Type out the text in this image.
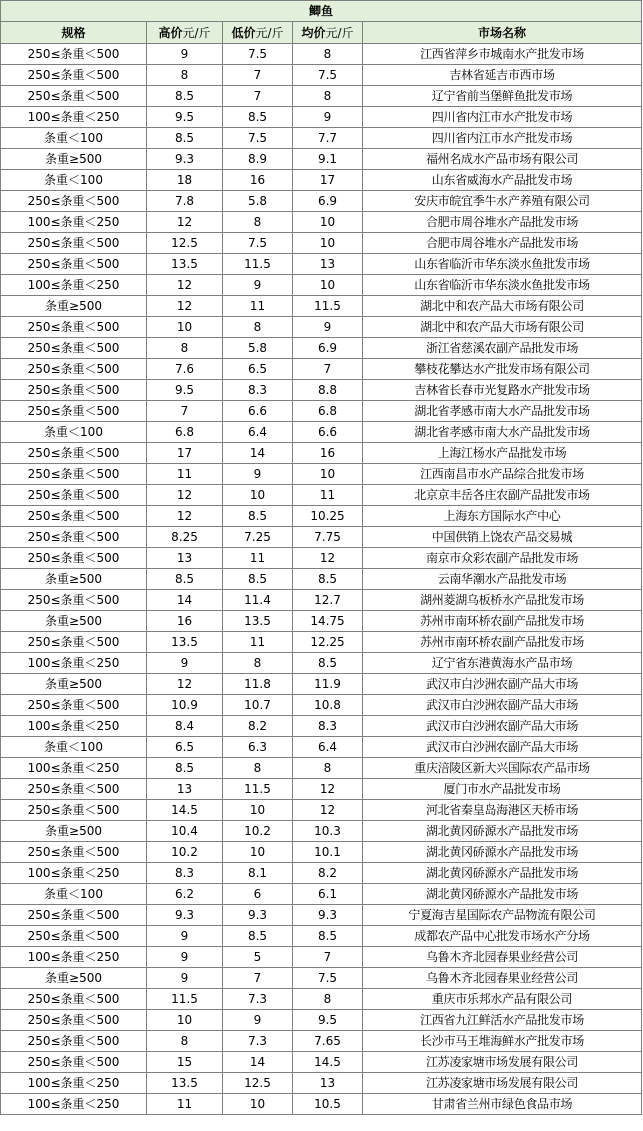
鲫鱼				
规格	高价元/斤	低价元/斤	均价元/斤	市场名称
250≤条重＜500	9	7.5	8	江西省萍乡市城南水产批发市场
250≤条重＜500	8	7	7.5	吉林省延吉市西市场
250≤条重＜500	8.5	7	8	辽宁省前当堡鲜鱼批发市场
100≤条重＜250	9.5	8.5	9	四川省内江市水产批发市场
条重＜100	8.5	7.5	7.7	四川省内江市水产批发市场
条重≥500	9.3	8.9	9.1	福州名成水产品市场有限公司
条重＜100	18	16	17	山东省威海水产品批发市场
250≤条重＜500	7.8	5.8	6.9	安庆市皖宜季牛水产养殖有限公司
100≤条重＜250	12	8	10	合肥市周谷堆水产品批发市场
250≤条重＜500	12.5	7.5	10	合肥市周谷堆水产品批发市场
250≤条重＜500	13.5	11.5	13	山东省临沂市华东淡水鱼批发市场
100≤条重＜250	12	9	10	山东省临沂市华东淡水鱼批发市场
条重≥500	12	11	11.5	湖北中和农产品大市场有限公司
250≤条重＜500	10	8	9	湖北中和农产品大市场有限公司
250≤条重＜500	8	5.8	6.9	浙江省慈溪农副产品批发市场
250≤条重＜500	7.6	6.5	7	攀枝花攀达水产批发市场有限公司
250≤条重＜500	9.5	8.3	8.8	吉林省长春市光复路水产批发市场
250≤条重＜500	7	6.6	6.8	湖北省孝感市南大水产品批发市场
条重＜100	6.8	6.4	6.6	湖北省孝感市南大水产品批发市场
250≤条重＜500	17	14	16	上海江杨水产品批发市场
250≤条重＜500	11	9	10	江西南昌市水产品综合批发市场
250≤条重＜500	12	10	11	北京京丰岳各庄农副产品批发市场
250≤条重＜500	12	8.5	10.25	上海东方国际水产中心
250≤条重＜500	8.25	7.25	7.75	中国供销上饶农产品交易城
250≤条重＜500	13	11	12	南京市众彩农副产品批发市场
条重≥500	8.5	8.5	8.5	云南华潮水产品批发市场
250≤条重＜500	14	11.4	12.7	湖州菱湖乌板桥水产品批发市场
条重≥500	16	13.5	14.75	苏州市南环桥农副产品批发市场
250≤条重＜500	13.5	11	12.25	苏州市南环桥农副产品批发市场
100≤条重＜250	9	8	8.5	辽宁省东港黄海水产品市场
条重≥500	12	11.8	11.9	武汉市白沙洲农副产品大市场
250≤条重＜500	10.9	10.7	10.8	武汉市白沙洲农副产品大市场
100≤条重＜250	8.4	8.2	8.3	武汉市白沙洲农副产品大市场
条重＜100	6.5	6.3	6.4	武汉市白沙洲农副产品大市场
100≤条重＜250	8.5	8	8	重庆涪陵区新大兴国际农产品市场
250≤条重＜500	13	11.5	12	厦门市水产品批发市场
250≤条重＜500	14.5	10	12	河北省秦皇岛海港区天桥市场
条重≥500	10.4	10.2	10.3	湖北黄冈硚源水产品批发市场
250≤条重＜500	10.2	10	10.1	湖北黄冈硚源水产品批发市场
100≤条重＜250	8.3	8.1	8.2	湖北黄冈硚源水产品批发市场
条重＜100	6.2	6	6.1	湖北黄冈硚源水产品批发市场
250≤条重＜500	9.3	9.3	9.3	宁夏海吉星国际农产品物流有限公司
250≤条重＜500	9	8.5	8.5	成都农产品中心批发市场水产分场
100≤条重＜250	9	5	7	乌鲁木齐北园春果业经营公司
条重≥500	9	7	7.5	乌鲁木齐北园春果业经营公司
250≤条重＜500	11.5	7.3	8	重庆市乐邦水产品有限公司
250≤条重＜500	10	9	9.5	江西省九江鲜活水产品批发市场
250≤条重＜500	8	7.3	7.65	长沙市马王堆海鲜水产批发市场
250≤条重＜500	15	14	14.5	江苏凌家塘市场发展有限公司
100≤条重＜250	13.5	12.5	13	江苏凌家塘市场发展有限公司
100≤条重＜250	11	10	10.5	甘肃省兰州市绿色食品市场
